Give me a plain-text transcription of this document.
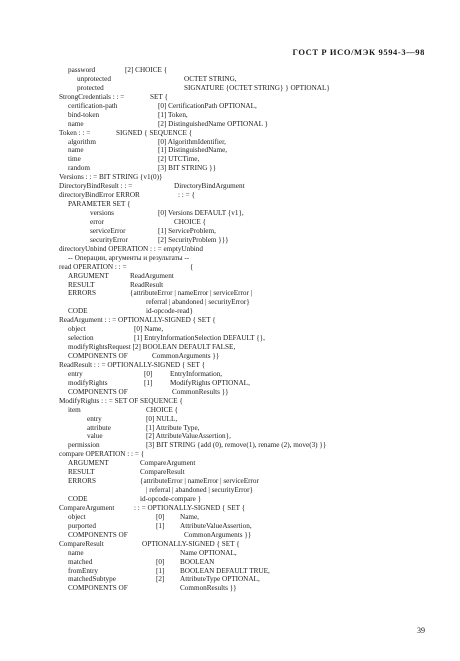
ГОСТ Р ИСО/МЭК 9594-3—98
password	[2] CHOICE {
unprotected	OCTET STRING,
protected	SIGNATURE {OCTET STRING} } OPTIONAL}
StrongCredentials : : =	SET {
certification-path	[0] CertificationPath OPTIONAL,
bind-token	[1] Token,
name	[2] DistinguishedName OPTIONAL }
Token : : =	SIGNED { SEQUENCE {
algorithm	[0] AlgorithmIdentifier,
name	[1] DistinguishedName,
time	[2] UTCTime,
random	[3] BIT STRING }}
Versions : : = BIT STRING {v1(0)}
DirectoryBindResult : : =	DirectoryBindArgument
directoryBindError ERROR	: : = {
PARAMETER SET {
versions	[0] Versions DEFAULT {v1},
error	CHOICE {
serviceError	[1] ServiceProblem,
securityError	[2] SecurityProblem }}}
directoryUnbind OPERATION : : = emptyUnbind
-- Операции, аргументы и результаты --
read OPERATION : : =	{
ARGUMENT	ReadArgument
RESULT	ReadResult
ERRORS	{attributeError | nameError | serviceError |
referral | abandoned | securityError}
CODE	id-opcode-read}
ReadArgument : : = OPTIONALLY-SIGNED { SET {
object	[0] Name,
selection	[1] EntryInformationSelection DEFAULT {},
modifyRightsRequest [2] BOOLEAN DEFAULT FALSE,
COMPONENTS OF	CommonArguments }}
ReadResult : : = OPTIONALLY-SIGNED { SET {
entry	[0] EntryInformation,
modifyRights	[1] ModifyRights OPTIONAL,
COMPONENTS OF	CommonResults }}
ModifyRights : : = SET OF SEQUENCE {
item	CHOICE {
entry	[0] NULL,
attribute	[1] Attribute Type,
value	[2] AttributeValueAssertion},
permission	[3] BIT STRING {add (0), remove(1), rename (2), move(3) }}
compare OPERATION : : = {
ARGUMENT	CompareArgument
RESULT	CompareResult
ERRORS	{attributeError | nameError | serviceError
| referral | abandoned | securityError}
CODE	id-opcode-compare }
CompareArgument	: : = OPTIONALLY-SIGNED { SET {
object	[0] Name,
purported	[1] AttributeValueAssertion,
COMPONENTS OF	CommonArguments }}
CompareResult	OPTIONALLY-SIGNED { SET {
name	Name OPTIONAL,
matched	[0] BOOLEAN
fromEntry	[1] BOOLEAN DEFAULT TRUE,
matchedSubtype	[2] AttributeType OPTIONAL,
COMPONENTS OF	CommonResults }}
39
